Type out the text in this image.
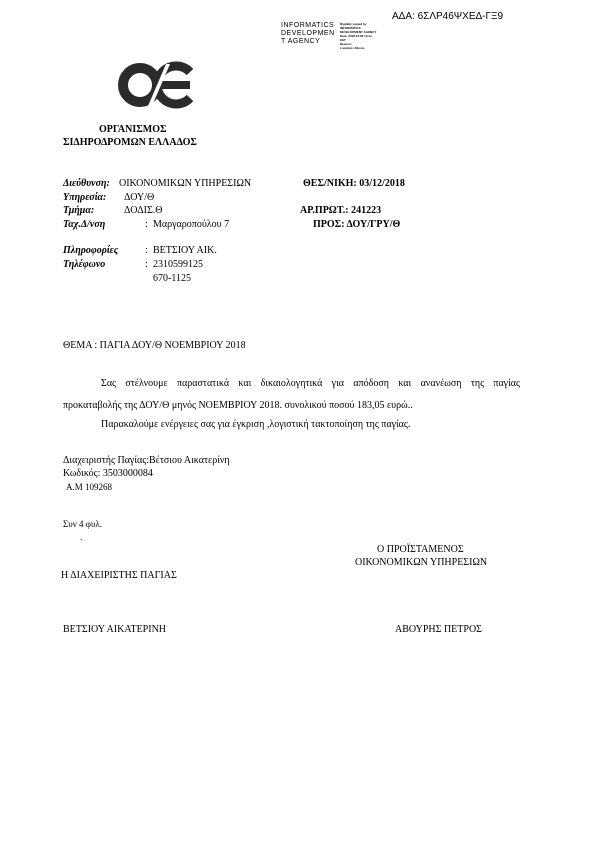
ΑΔΑ: 6ΣΛΡ46ΨΧΕΔ-ΓΞ9
INFORMATICS
DEVELOPMEN
T AGENCY
Digitally signed by
INFORMATICS
DEVELOPMENT AGENCY
Date: 2018.12.03 14:xx
EET
Reason:
Location: Athens
ΟΡΓΑΝΙΣΜΟΣ
ΣΙΔΗΡΟΔΡΟΜΩΝ ΕΛΛΑΔΟΣ
Διεύθυνση: ΟΙΚΟΝΟΜΙΚΩΝ ΥΠΗΡΕΣΙΩΝ	ΘΕΣ/ΝΙΚΗ: 03/12/2018
Υπηρεσία: ΔΟΥ/Θ
Τμήμα:	ΔΟΔΙΣ.Θ	ΑΡ.ΠΡΩΤ.: 241223
Ταχ.Δ/νση	: Μαργαροπούλου 7	ΠΡΟΣ: ΔΟΥ/ΓΡΥ/Θ
Πληροφορίες	: ΒΕΤΣΙΟΥ ΑΙΚ.
Τηλέφωνο	: 2310599125
670-1125
ΘΕΜΑ : ΠΑΓΙΑ ΔΟΥ/Θ ΝΟΕΜΒΡΙΟΥ 2018
Σας στέλνουμε παραστατικά και δικαιολογητικά για απόδοση και ανανέωση της παγίας
προκαταβολής της ΔΟΥ/Θ μηνός ΝΟΕΜΒΡΙΟΥ 2018. συνολικού ποσού 183,05 ευρώ..
Παρακαλούμε ενέργειες σας για έγκριση ,λογιστική τακτοποίηση της παγίας.
Διαχειριστής Παγίας:Βέτσιου Αικατερίνη
Κωδικός: 3503000084
Α.Μ 109268
Συν 4 φυλ.
.
Ο ΠΡΟΪΣΤΑΜΕΝΟΣ
ΟΙΚΟΝΟΜΙΚΩΝ ΥΠΗΡΕΣΙΩΝ
Η ΔΙΑΧΕΙΡΙΣΤΗΣ ΠΑΓΙΑΣ
ΒΕΤΣΙΟΥ ΑΙΚΑΤΕΡΙΝΗ	ΑΒΟΥΡΗΣ ΠΕΤΡΟΣ
